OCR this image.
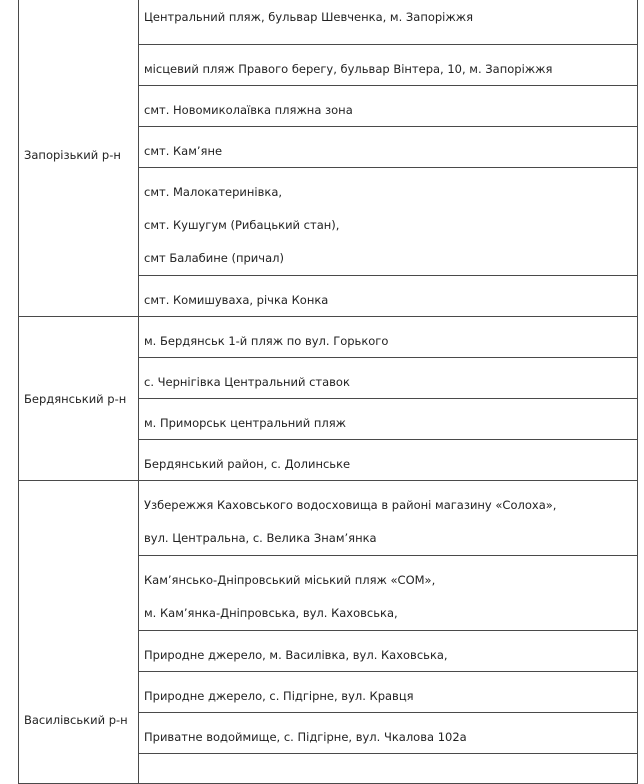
Запорізький р-н	Центральний пляж, бульвар Шевченка, м. Запоріжжя

	місцевий пляж Правого берегу, бульвар Вінтера, 10, м. Запоріжжя

	смт. Новомиколаївка пляжна зона

	смт. Кам’яне

	смт. Малокатеринівка,

смт. Кушугум (Рибацький стан),

смт Балабине (причал)

	смт. Комишуваха, річка Конка

Бердянський р-н	м. Бердянськ 1-й пляж по вул. Горького

	с. Чернігівка Центральний ставок

	м. Приморськ центральний пляж

	Бердянський район, с. Долинське

Василівський р-н	Узбережжя Каховського водосховища в районі магазину «Солоха»,

вул. Центральна, с. Велика Знам’янка

	Кам’янсько-Дніпровський міський пляж «СОМ»,

м. Кам’янка-Дніпровська, вул. Каховська,

	Природне джерело, м. Василівка, вул. Каховська,

	Природне джерело, с. Підгірне, вул. Кравця

	Приватне водоймище, с. Підгірне, вул. Чкалова 102а
